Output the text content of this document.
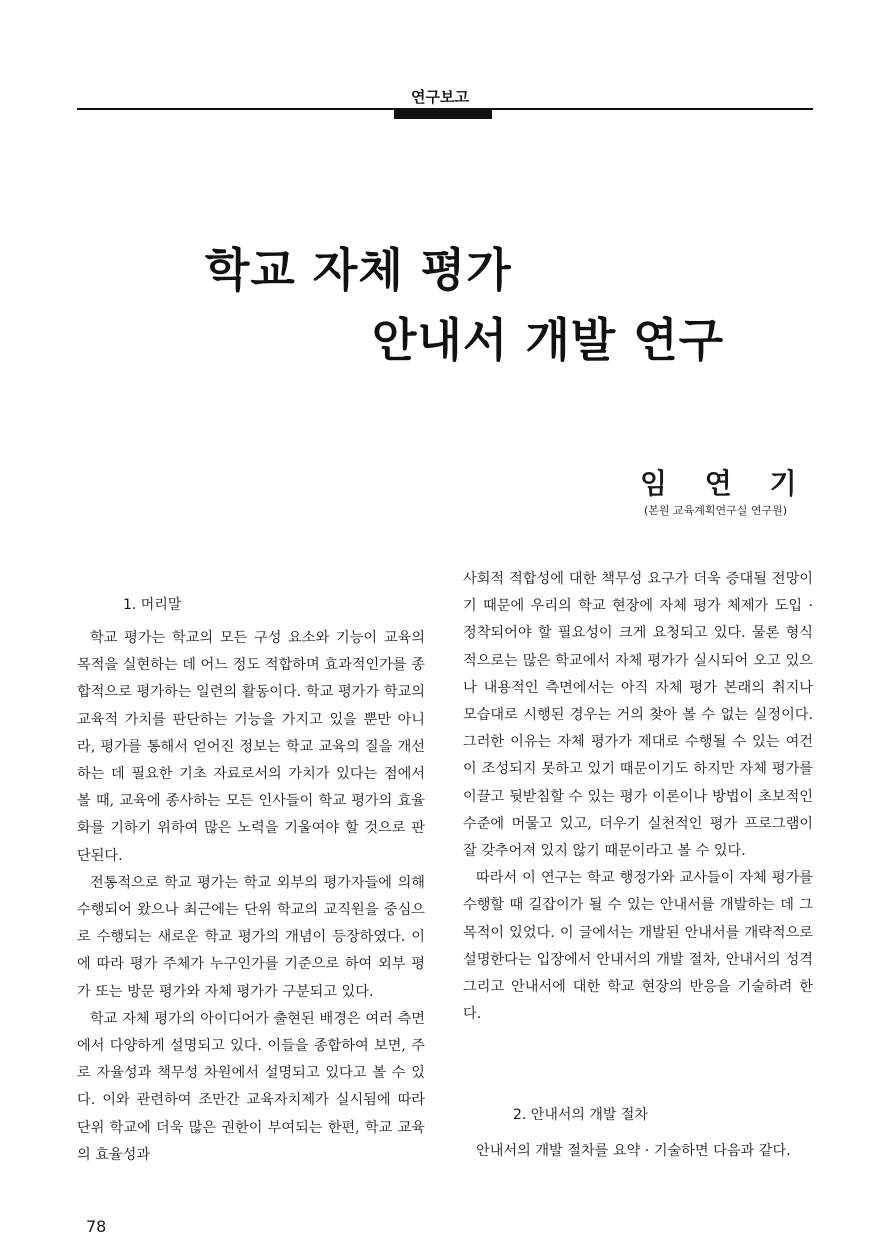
연구보고
학교 자체 평가
안내서 개발 연구
임 연 기
(본원 교육계획연구실 연구원)
1. 머리말

학교 평가는 학교의 모든 구성 요소와 기능이 교육의 목적을 실현하는 데 어느 정도 적합하며 효과적인가를 종합적으로 평가하는 일련의 활동이다. 학교 평가가 학교의 교육적 가치를 판단하는 기능을 가지고 있을 뿐만 아니라, 평가를 통해서 얻어진 정보는 학교 교육의 질을 개선하는 데 필요한 기초 자료로서의 가치가 있다는 점에서 볼 때, 교육에 종사하는 모든 인사들이 학교 평가의 효율화를 기하기 위하여 많은 노력을 기울여야 할 것으로 판단된다.

전통적으로 학교 평가는 학교 외부의 평가자들에 의해 수행되어 왔으나 최근에는 단위 학교의 교직원을 중심으로 수행되는 새로운 학교 평가의 개념이 등장하였다. 이에 따라 평가 주체가 누구인가를 기준으로 하여 외부 평가 또는 방문 평가와 자체 평가가 구분되고 있다.

학교 자체 평가의 아이디어가 출현된 배경은 여러 측면에서 다양하게 설명되고 있다. 이들을 종합하여 보면, 주로 자율성과 책무성 차원에서 설명되고 있다고 볼 수 있다. 이와 관련하여 조만간 교육자치제가 실시됨에 따라 단위 학교에 더욱 많은 권한이 부여되는 한편, 학교 교육의 효율성과

사회적 적합성에 대한 책무성 요구가 더욱 증대될 전망이기 때문에 우리의 학교 현장에 자체 평가 체제가 도입 · 정착되어야 할 필요성이 크게 요청되고 있다. 물론 형식적으로는 많은 학교에서 자체 평가가 실시되어 오고 있으나 내용적인 측면에서는 아직 자체 평가 본래의 취지나 모습대로 시행된 경우는 거의 찾아 볼 수 없는 실정이다. 그러한 이유는 자체 평가가 제대로 수행될 수 있는 여건이 조성되지 못하고 있기 때문이기도 하지만 자체 평가를 이끌고 뒷받침할 수 있는 평가 이론이나 방법이 초보적인 수준에 머물고 있고, 더우기 실천적인 평가 프로그램이 잘 갖추어져 있지 않기 때문이라고 볼 수 있다.

따라서 이 연구는 학교 행정가와 교사들이 자체 평가를 수행할 때 길잡이가 될 수 있는 안내서를 개발하는 데 그 목적이 있었다. 이 글에서는 개발된 안내서를 개략적으로 설명한다는 입장에서 안내서의 개발 절차, 안내서의 성격 그리고 안내서에 대한 학교 현장의 반응을 기술하려 한다.

2. 안내서의 개발 절차

안내서의 개발 절차를 요약 · 기술하면 다음과 같다.

78
